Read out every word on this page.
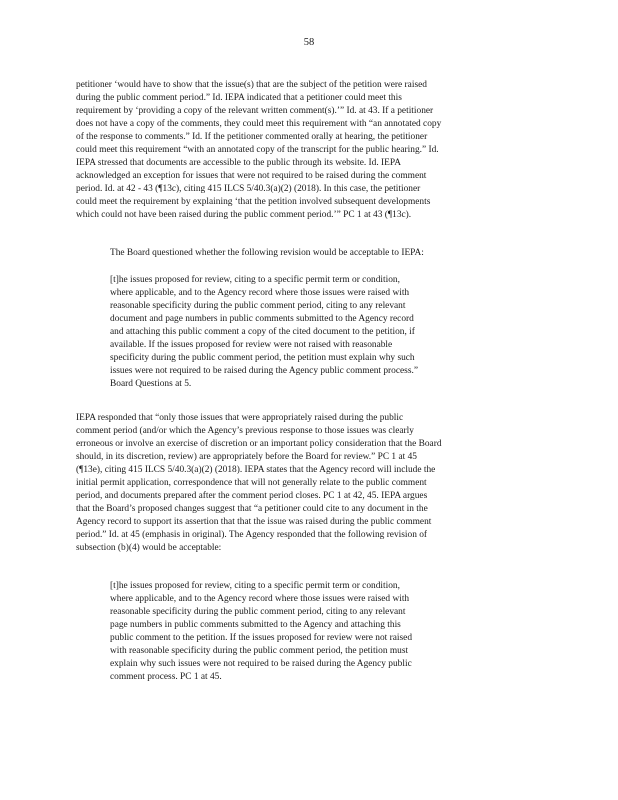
58
petitioner ‘would have to show that the issue(s) that are the subject of the petition were raised
during the public comment period.” Id. IEPA indicated that a petitioner could meet this
requirement by ‘providing a copy of the relevant written comment(s).’” Id. at 43. If a petitioner
does not have a copy of the comments, they could meet this requirement with “an annotated copy
of the response to comments.” Id. If the petitioner commented orally at hearing, the petitioner
could meet this requirement “with an annotated copy of the transcript for the public hearing.” Id.
IEPA stressed that documents are accessible to the public through its website. Id. IEPA
acknowledged an exception for issues that were not required to be raised during the comment
period. Id. at 42 - 43 (¶13c), citing 415 ILCS 5/40.3(a)(2) (2018). In this case, the petitioner
could meet the requirement by explaining ‘that the petition involved subsequent developments
which could not have been raised during the public comment period.’” PC 1 at 43 (¶13c).
The Board questioned whether the following revision would be acceptable to IEPA:
[t]he issues proposed for review, citing to a specific permit term or condition,
where applicable, and to the Agency record where those issues were raised with
reasonable specificity during the public comment period, citing to any relevant
document and page numbers in public comments submitted to the Agency record
and attaching this public comment a copy of the cited document to the petition, if
available. If the issues proposed for review were not raised with reasonable
specificity during the public comment period, the petition must explain why such
issues were not required to be raised during the Agency public comment process.”
Board Questions at 5.
IEPA responded that “only those issues that were appropriately raised during the public
comment period (and/or which the Agency’s previous response to those issues was clearly
erroneous or involve an exercise of discretion or an important policy consideration that the Board
should, in its discretion, review) are appropriately before the Board for review.” PC 1 at 45
(¶13e), citing 415 ILCS 5/40.3(a)(2) (2018). IEPA states that the Agency record will include the
initial permit application, correspondence that will not generally relate to the public comment
period, and documents prepared after the comment period closes. PC 1 at 42, 45. IEPA argues
that the Board’s proposed changes suggest that “a petitioner could cite to any document in the
Agency record to support its assertion that that the issue was raised during the public comment
period.” Id. at 45 (emphasis in original). The Agency responded that the following revision of
subsection (b)(4) would be acceptable:
[t]he issues proposed for review, citing to a specific permit term or condition,
where applicable, and to the Agency record where those issues were raised with
reasonable specificity during the public comment period, citing to any relevant
page numbers in public comments submitted to the Agency and attaching this
public comment to the petition. If the issues proposed for review were not raised
with reasonable specificity during the public comment period, the petition must
explain why such issues were not required to be raised during the Agency public
comment process. PC 1 at 45.
